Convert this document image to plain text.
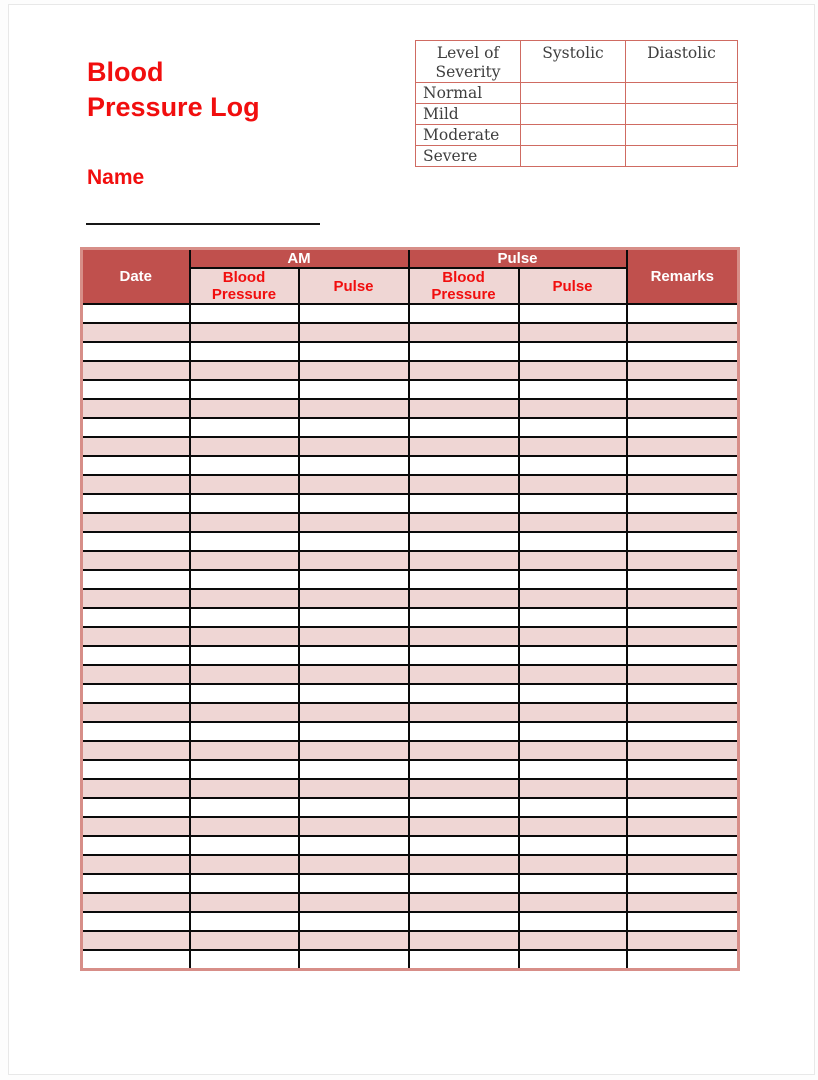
Blood
Pressure Log
Level of Severity	Systolic	Diastolic
Normal		
Mild		
Moderate		
Severe		
Name
Date	AM		Pulse		Remarks
	Blood Pressure	Pulse	Blood Pressure	Pulse	
